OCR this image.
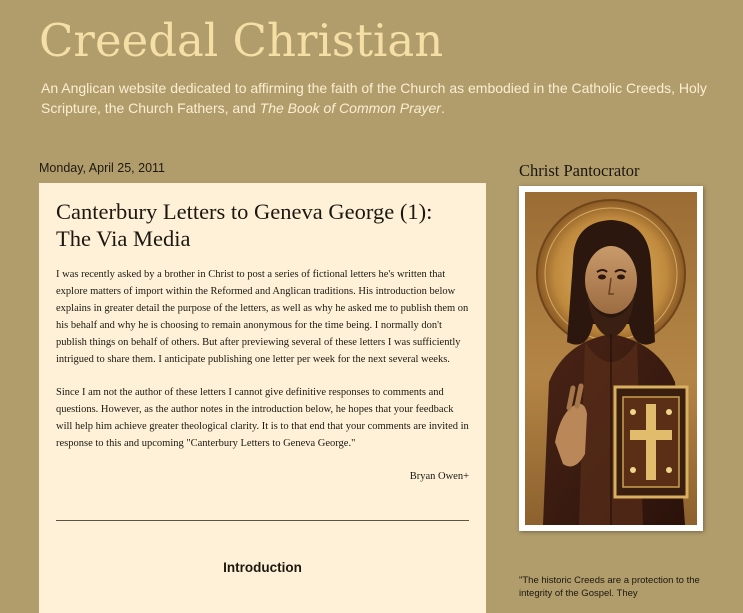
Creedal Christian

An Anglican website dedicated to affirming the faith of the Church as embodied in the Catholic Creeds, Holy Scripture, the Church Fathers, and The Book of Common Prayer.

Monday, April 25, 2011
Canterbury Letters to Geneva George (1): The Via Media

I was recently asked by a brother in Christ to post a series of fictional letters he's written that explore matters of import within the Reformed and Anglican traditions. His introduction below explains in greater detail the purpose of the letters, as well as why he asked me to publish them on his behalf and why he is choosing to remain anonymous for the time being. I normally don't publish things on behalf of others. But after previewing several of these letters I was sufficiently intrigued to share them. I anticipate publishing one letter per week for the next several weeks.

Since I am not the author of these letters I cannot give definitive responses to comments and questions. However, as the author notes in the introduction below, he hopes that your feedback will help him achieve greater theological clarity. It is to that end that your comments are invited in response to this and upcoming "Canterbury Letters to Geneva George."

Bryan Owen+

Introduction

Christ Pantocrator

"The historic Creeds are a protection to the integrity of the Gospel. They
